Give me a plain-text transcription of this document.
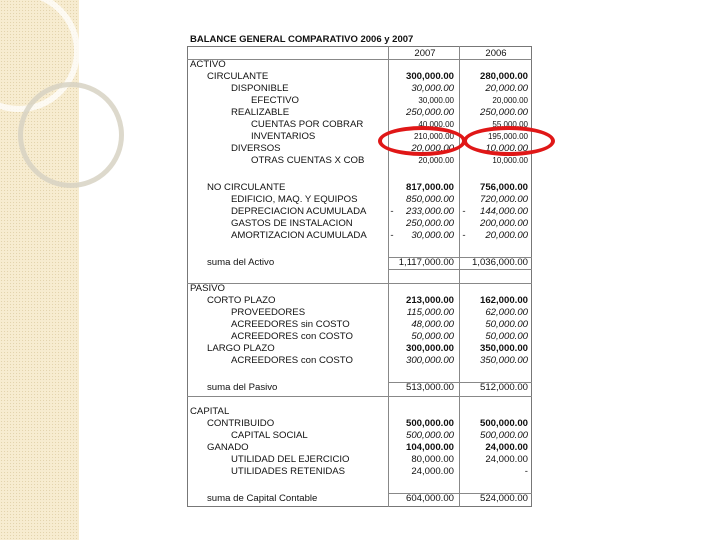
BALANCE GENERAL COMPARATIVO 2006 y 2007
2007	2006
ACTIVO
CIRCULANTE	300,000.00	280,000.00
DISPONIBLE	30,000.00	20,000.00
EFECTIVO	30,000.00	20,000.00
REALIZABLE	250,000.00	250,000.00
CUENTAS POR COBRAR	40,000.00	55,000.00
INVENTARIOS	210,000.00	195,000.00
DIVERSOS	20,000.00	10,000.00
OTRAS CUENTAS X COB	20,000.00	10,000.00
NO CIRCULANTE	817,000.00	756,000.00
EDIFICIO, MAQ. Y EQUIPOS	850,000.00	720,000.00
DEPRECIACION ACUMULADA -	233,000.00 -	144,000.00
GASTOS DE INSTALACION	250,000.00	200,000.00
AMORTIZACION ACUMULADA -	30,000.00 -	20,000.00
suma del Activo	1,117,000.00	1,036,000.00
PASIVO
CORTO PLAZO	213,000.00	162,000.00
PROVEEDORES	115,000.00	62,000.00
ACREEDORES sin COSTO	48,000.00	50,000.00
ACREEDORES con COSTO	50,000.00	50,000.00
LARGO PLAZO	300,000.00	350,000.00
ACREEDORES con COSTO	300,000.00	350,000.00
suma del Pasivo	513,000.00	512,000.00
CAPITAL
CONTRIBUIDO	500,000.00	500,000.00
CAPITAL SOCIAL	500,000.00	500,000.00
GANADO	104,000.00	24,000.00
UTILIDAD DEL EJERCICIO	80,000.00	24,000.00
UTILIDADES RETENIDAS	24,000.00	-
suma de Capital Contable	604,000.00	524,000.00
